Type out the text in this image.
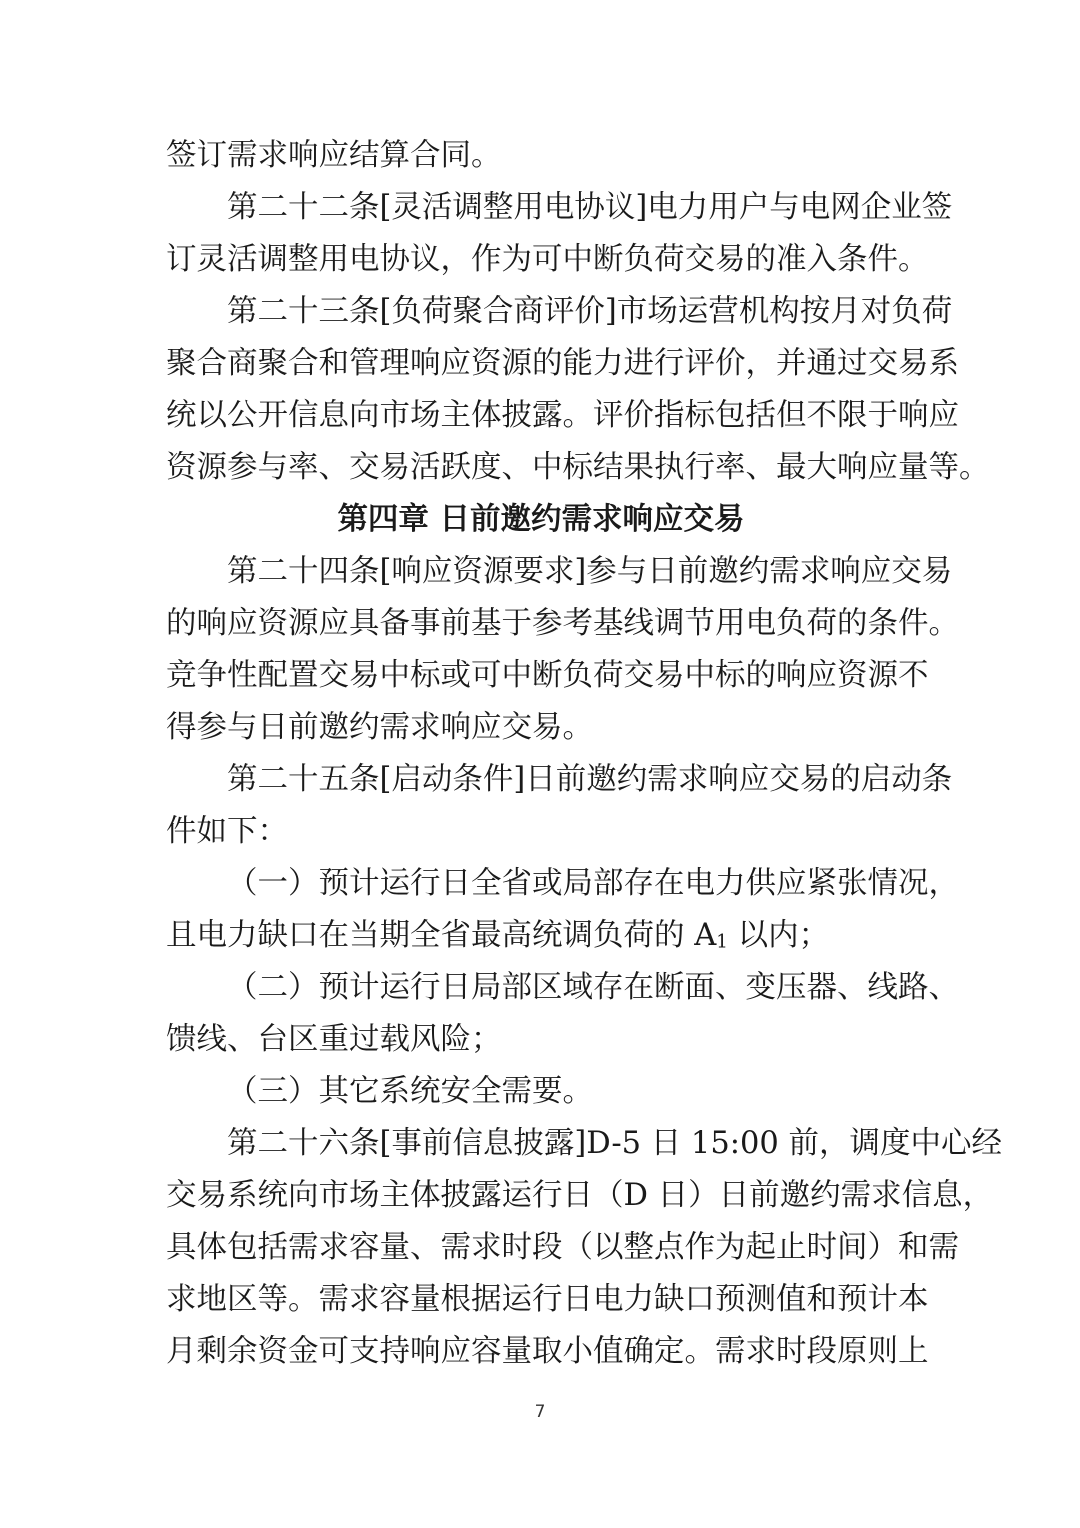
签订需求响应结算合同。
第二十二条[灵活调整用电协议]电力用户与电网企业签
订灵活调整用电协议，作为可中断负荷交易的准入条件。
第二十三条[负荷聚合商评价]市场运营机构按月对负荷
聚合商聚合和管理响应资源的能力进行评价，并通过交易系
统以公开信息向市场主体披露。评价指标包括但不限于响应
资源参与率、交易活跃度、中标结果执行率、最大响应量等。
第四章 日前邀约需求响应交易
第二十四条[响应资源要求]参与日前邀约需求响应交易
的响应资源应具备事前基于参考基线调节用电负荷的条件。
竞争性配置交易中标或可中断负荷交易中标的响应资源不
得参与日前邀约需求响应交易。
第二十五条[启动条件]日前邀约需求响应交易的启动条
件如下：
（一）预计运行日全省或局部存在电力供应紧张情况，
且电力缺口在当期全省最高统调负荷的 A1 以内；
（二）预计运行日局部区域存在断面、变压器、线路、
馈线、台区重过载风险；
（三）其它系统安全需要。
第二十六条[事前信息披露]D-5 日 15:00 前，调度中心经
交易系统向市场主体披露运行日（D 日）日前邀约需求信息，
具体包括需求容量、需求时段（以整点作为起止时间）和需
求地区等。需求容量根据运行日电力缺口预测值和预计本
月剩余资金可支持响应容量取小值确定。需求时段原则上
7
